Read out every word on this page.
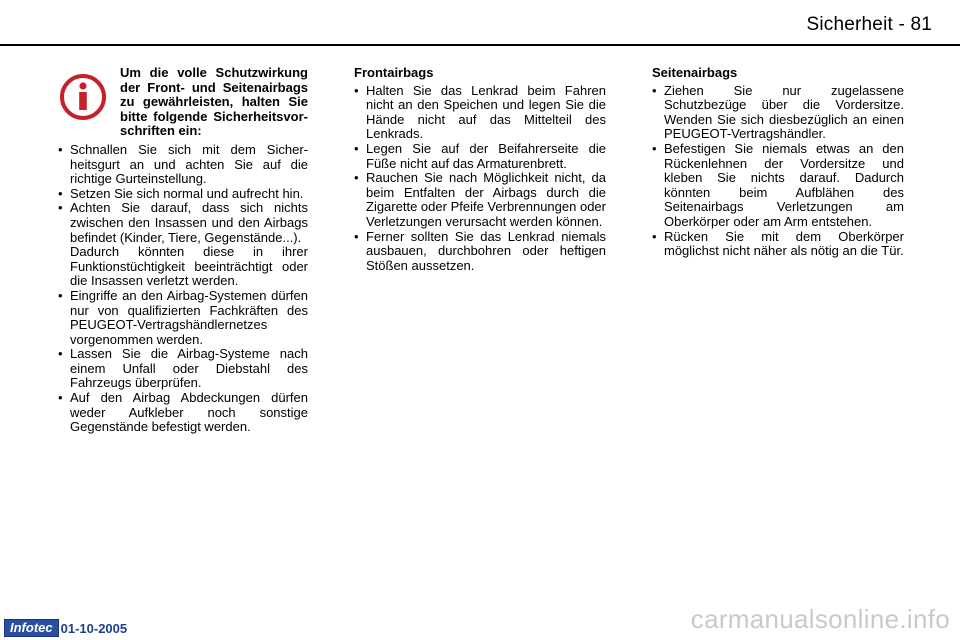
Sicherheit - 81
Um die volle Schutzwirkung der Front- und Seitenairbags zu gewährleisten, halten Sie bitte folgende Sicherheitsvorschriften ein:
• Schnallen Sie sich mit dem Sicherheitsgurt an und achten Sie auf die richtige Gurteinstellung.
• Setzen Sie sich normal und aufrecht hin.
• Achten Sie darauf, dass sich nichts zwischen den Insassen und den Airbags befindet (Kinder, Tiere, Gegenstände...).
Dadurch könnten diese in ihrer Funktionstüchtigkeit beeinträchtigt oder die Insassen verletzt werden.
• Eingriffe an den Airbag-Systemen dürfen nur von qualifizierten Fachkräften des PEUGEOT-Vertragshändlernetzes vorgenommen werden.
• Lassen Sie die Airbag-Systeme nach einem Unfall oder Diebstahl des Fahrzeugs überprüfen.
• Auf den Airbag Abdeckungen dürfen weder Aufkleber noch sonstige Gegenstände befestigt werden.
Frontairbags
• Halten Sie das Lenkrad beim Fahren nicht an den Speichen und legen Sie die Hände nicht auf das Mittelteil des Lenkrads.
• Legen Sie auf der Beifahrerseite die Füße nicht auf das Armaturenbrett.
• Rauchen Sie nach Möglichkeit nicht, da beim Entfalten der Airbags durch die Zigarette oder Pfeife Verbrennungen oder Verletzungen verursacht werden können.
• Ferner sollten Sie das Lenkrad niemals ausbauen, durchbohren oder heftigen Stößen aussetzen.
Seitenairbags
• Ziehen Sie nur zugelassene Schutzbezüge über die Vordersitze. Wenden Sie sich diesbezüglich an einen PEUGEOT-Vertragshändler.
• Befestigen Sie niemals etwas an den Rückenlehnen der Vordersitze und kleben Sie nichts darauf. Dadurch könnten beim Aufblähen des Seitenairbags Verletzungen am Oberkörper oder am Arm entstehen.
• Rücken Sie mit dem Oberkörper möglichst nicht näher als nötig an die Tür.
Infotec 01-10-2005	carmanualsonline.info
